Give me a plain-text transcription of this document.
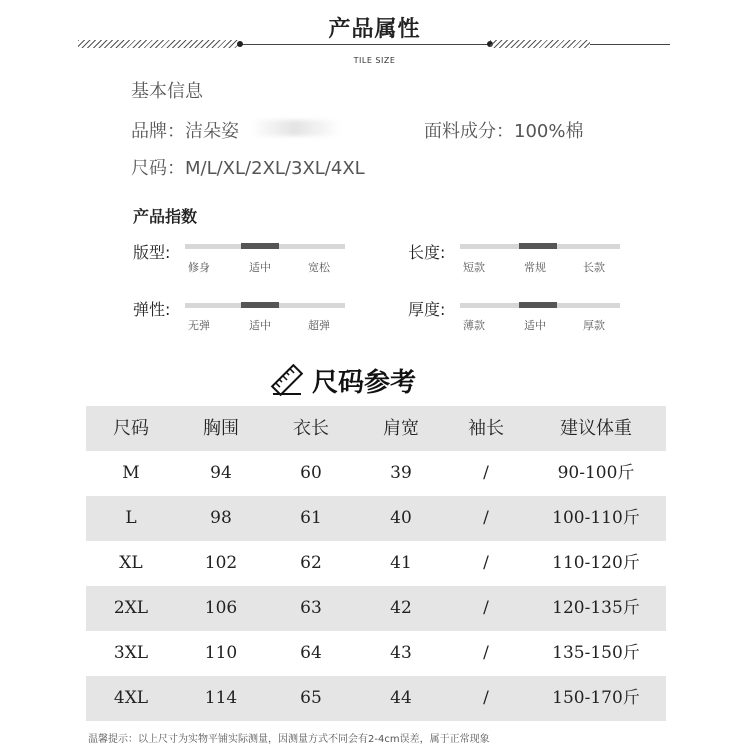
产品属性
TILE SIZE
基本信息
品牌：洁朵姿	面料成分：100%棉
尺码：M/L/XL/2XL/3XL/4XL
产品指数
版型:
修身	适中	宽松
长度:
短款	常规	长款
弹性:
无弹	适中	超弹
厚度:
薄款	适中	厚款
尺码参考
尺码	胸围	衣长	肩宽	袖长	建议体重
M	94	60	39	/	90-100斤
L	98	61	40	/	100-110斤
XL	102	62	41	/	110-120斤
2XL	106	63	42	/	120-135斤
3XL	110	64	43	/	135-150斤
4XL	114	65	44	/	150-170斤
温馨提示：以上尺寸为实物平铺实际测量，因测量方式不同会有2-4cm误差，属于正常现象
